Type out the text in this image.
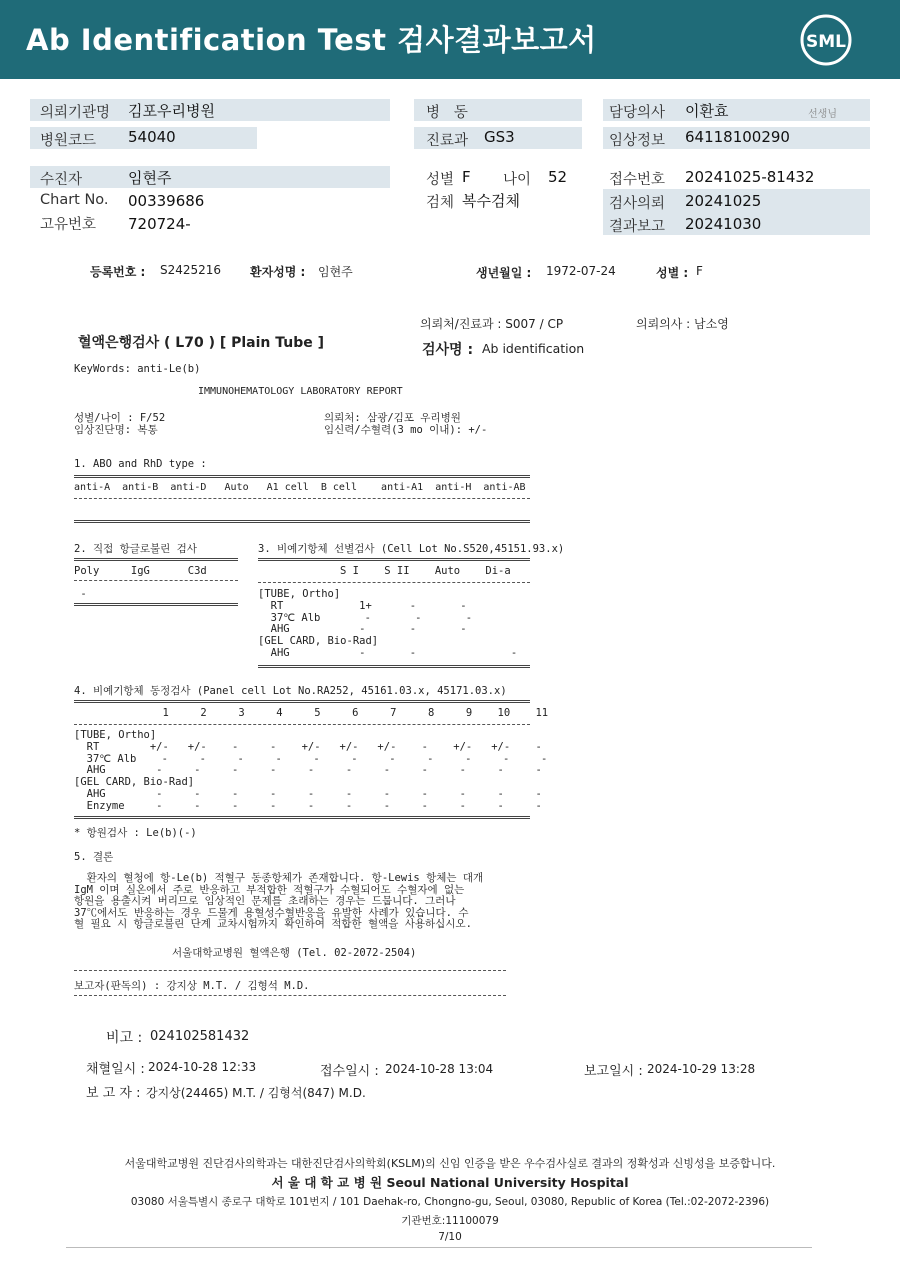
Ab Identification Test 검사결과보고서	SML
의뢰기관명 김포우리병원
병원코드 54040
병   동
진료과 GS3
담당의사 이환효	선생님
임상정보 64118100290
수진자	임현주
Chart No. 00339686
고유번호 720724-
성별 F 나이 52
검체 복수검체
접수번호 20241025-81432
검사의뢰 20241025
결과보고 20241030
등록번호 : S2425216 환자성명 : 임현주	생년월일 : 1972-07-24	성별 : F
의뢰처/진료과 : S007 / CP	의뢰의사 : 남소영
혈액은행검사 ( L70 ) [ Plain Tube ]	검사명 : Ab identification
KeyWords: anti-Le(b)
IMMUNOHEMATOLOGY LABORATORY REPORT
성별/나이 : F/52
임상진단명: 복통
의뢰처: 삼광/김포 우리병원
임신력/수혈력(3 mo 이내): +/-
1. ABO and RhD type :
anti-A  anti-B  anti-D   Auto   A1 cell  B cell    anti-A1  anti-H  anti-AB
2. 직접 항글로불린 검사
Poly     IgG      C3d
-
3. 비예기항체 선별검사 (Cell Lot No.S520,45151.93.x)
S I    S II    Auto    Di-a
[TUBE, Ortho]
RT            1+      -       -
37℃ Alb       -       -       -
AHG           -       -       -
[GEL CARD, Bio-Rad]
AHG           -       -               -
4. 비예기항체 동정검사 (Panel cell Lot No.RA252, 45161.03.x, 45171.03.x)
1     2     3     4     5     6     7     8     9    10    11
[TUBE, Ortho]
RT        +/-   +/-    -     -    +/-   +/-   +/-    -    +/-   +/-    -
37℃ Alb    -     -     -     -     -     -     -     -     -     -     -
AHG        -     -     -     -     -     -     -     -     -     -     -
[GEL CARD, Bio-Rad]
AHG        -     -     -     -     -     -     -     -     -     -     -
Enzyme     -     -     -     -     -     -     -     -     -     -     -
* 항원검사 : Le(b)(-)
5. 결론
환자의 혈청에 항-Le(b) 적혈구 동종항체가 존재합니다. 항-Lewis 항체는 대개
IgM 이며 실온에서 주로 반응하고 부적합한 적혈구가 수혈되어도 수혈자에 없는
항원을 용출시켜 버리므로 임상적인 문제를 초래하는 경우는 드뭅니다. 그러나
37℃에서도 반응하는 경우 드물게 용혈성수혈반응을 유발한 사례가 있습니다. 수
혈 필요 시 항글로불린 단계 교차시험까지 확인하여 적합한 혈액을 사용하십시오.
서울대학교병원 혈액은행 (Tel. 02-2072-2504)
보고자(판독의) : 강지상 M.T. / 김형석 M.D.
비고 : 024102581432
채혈일시 : 2024-10-28 12:33	접수일시 : 2024-10-28 13:04	보고일시 : 2024-10-29 13:28
보 고 자 : 강지상(24465) M.T. / 김형석(847) M.D.
서울대학교병원 진단검사의학과는 대한진단검사의학회(KSLM)의 신임 인증을 받은 우수검사실로 결과의 정확성과 신빙성을 보증합니다.
서 울 대 학 교 병 원 Seoul National University Hospital
03080 서울특별시 종로구 대학로 101번지 / 101 Daehak-ro, Chongno-gu, Seoul, 03080, Republic of Korea (Tel.:02-2072-2396)
기관번호:11100079
7/10
